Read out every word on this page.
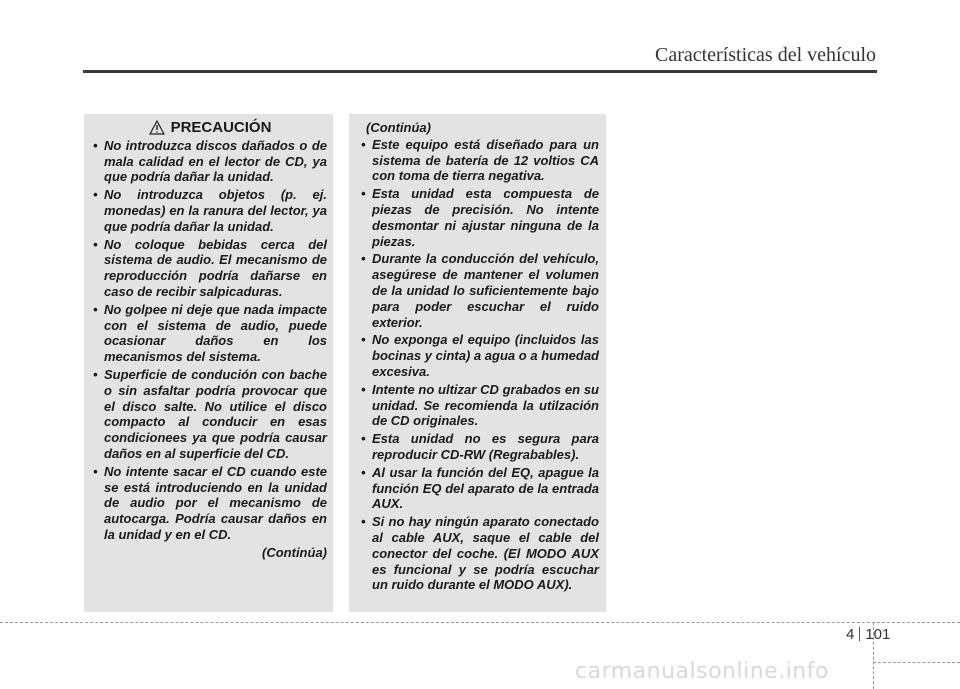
Características del vehículo
PRECAUCIÓN
• No introduzca discos dañados o de mala calidad en el lector de CD, ya que podría dañar la unidad.
• No introduzca objetos (p. ej. monedas) en la ranura del lector, ya que podría dañar la unidad.
• No coloque bebidas cerca del sistema de audio. El mecanismo de reproducción podría dañarse en caso de recibir salpicaduras.
• No golpee ni deje que nada impacte con el sistema de audio, puede ocasionar daños en los mecanismos del sistema.
• Superficie de condución con bache o sin asfaltar podría provocar que el disco salte. No utilice el disco compacto al conducir en esas condicionees ya que podría causar daños en al superficie del CD.
• No intente sacar el CD cuando este se está introduciendo en la unidad de audio por el mecanismo de autocarga. Podría causar daños en la unidad y en el CD.
(Continúa)
(Continúa)
• Este equipo está diseñado para un sistema de batería de 12 voltios CA con toma de tierra negativa.
• Esta unidad esta compuesta de piezas de precisión. No intente desmontar ni ajustar ninguna de la piezas.
• Durante la conducción del vehículo, asegúrese de mantener el volumen de la unidad lo suficientemente bajo para poder escuchar el ruido exterior.
• No exponga el equipo (incluidos las bocinas y cinta) a agua o a humedad excesiva.
• Intente no ultizar CD grabados en su unidad. Se recomienda la utilzación de CD originales.
• Esta unidad no es segura para reproducir CD-RW (Regrabables).
• Al usar la función del EQ, apague la función EQ del aparato de la entrada AUX.
• Si no hay ningún aparato conectado al cable AUX, saque el cable del conector del coche. (El MODO AUX es funcional y se podría escuchar un ruido durante el MODO AUX).
4 101
carmanualsonline.info
